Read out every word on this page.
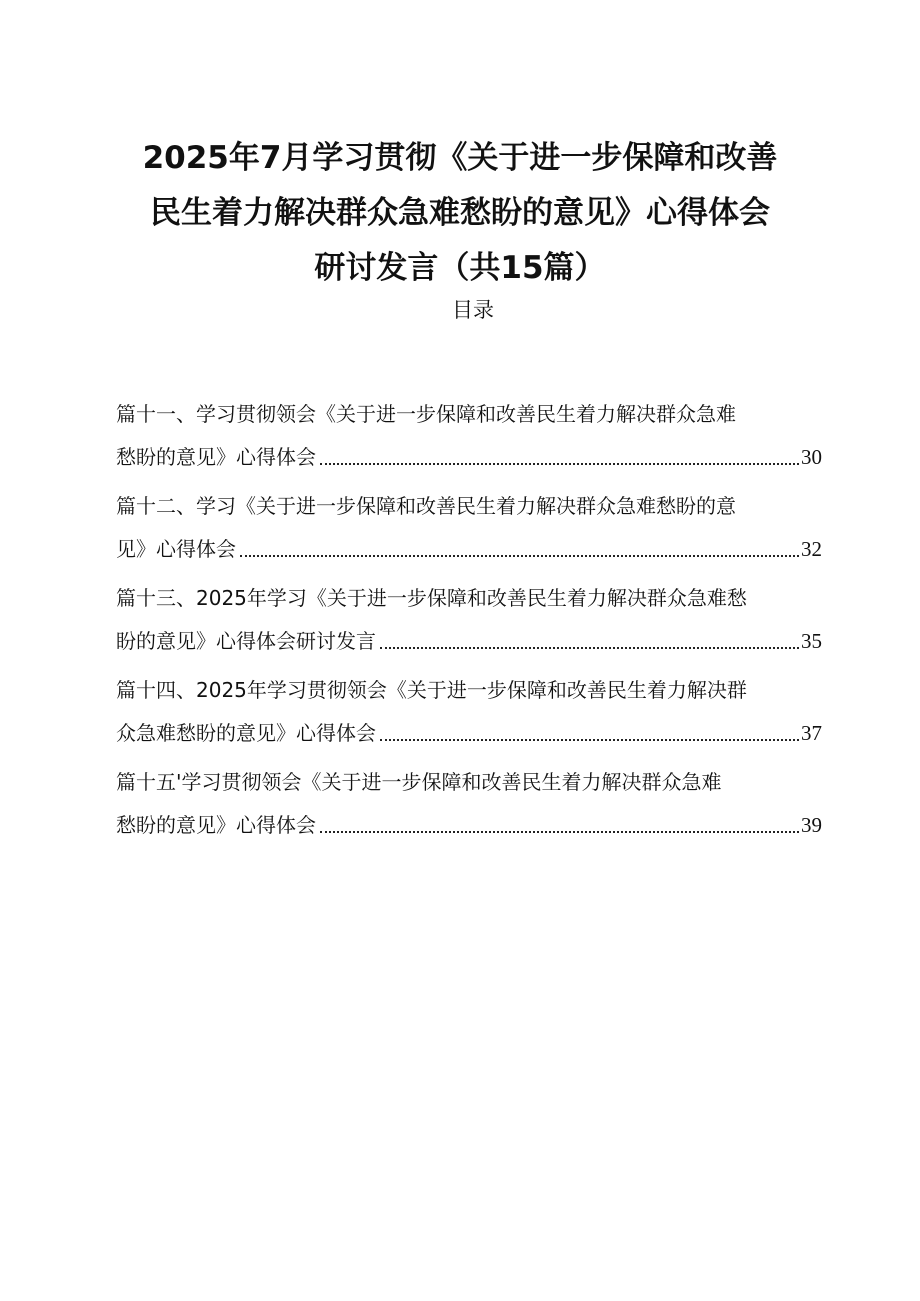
2025年7月学习贯彻《关于进一步保障和改善
民生着力解决群众急难愁盼的意见》心得体会
研讨发言（共15篇）
目录
篇十一、学习贯彻领会《关于进一步保障和改善民生着力解决群众急难
愁盼的意见》心得体会	30
篇十二、学习《关于进一步保障和改善民生着力解决群众急难愁盼的意
见》心得体会	32
篇十三、2025年学习《关于进一步保障和改善民生着力解决群众急难愁
盼的意见》心得体会研讨发言	35
篇十四、2025年学习贯彻领会《关于进一步保障和改善民生着力解决群
众急难愁盼的意见》心得体会	37
篇十五'学习贯彻领会《关于进一步保障和改善民生着力解决群众急难
愁盼的意见》心得体会	39
